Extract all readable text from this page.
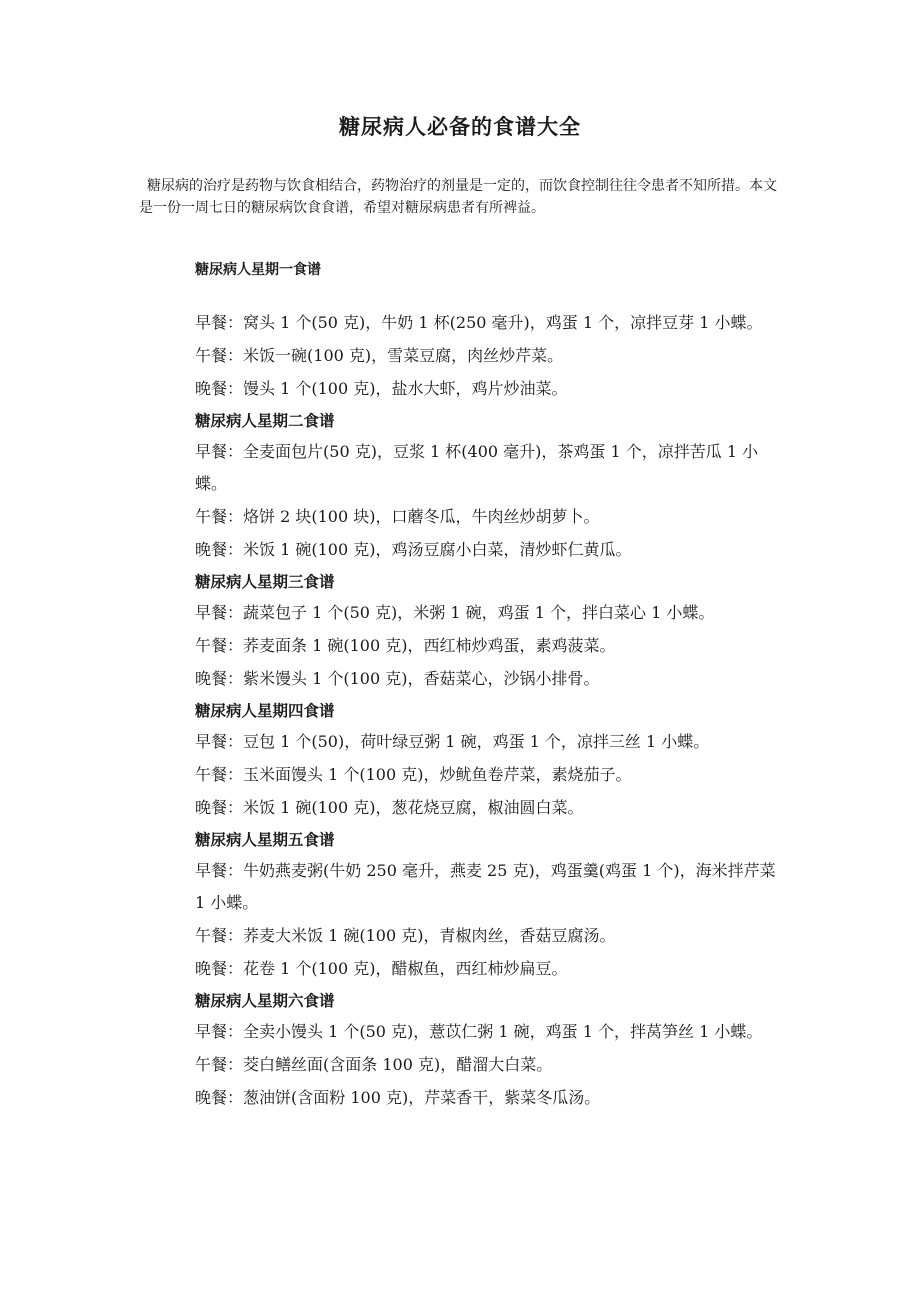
糖尿病人必备的食谱大全

糖尿病的治疗是药物与饮食相结合，药物治疗的剂量是一定的，而饮食控制往往令患者不知所措。本文是一份一周七日的糖尿病饮食食谱，希望对糖尿病患者有所裨益。

糖尿病人星期一食谱

早餐：窝头 1 个(50 克)，牛奶 1 杯(250 毫升)，鸡蛋 1 个，凉拌豆芽 1 小蝶。

午餐：米饭一碗(100 克)，雪菜豆腐，肉丝炒芹菜。

晚餐：馒头 1 个(100 克)，盐水大虾，鸡片炒油菜。

糖尿病人星期二食谱

早餐：全麦面包片(50 克)，豆浆 1 杯(400 毫升)，茶鸡蛋 1 个，凉拌苦瓜 1 小蝶。

午餐：烙饼 2 块(100 块)，口蘑冬瓜，牛肉丝炒胡萝卜。

晚餐：米饭 1 碗(100 克)，鸡汤豆腐小白菜，清炒虾仁黄瓜。

糖尿病人星期三食谱

早餐：蔬菜包子 1 个(50 克)，米粥 1 碗，鸡蛋 1 个，拌白菜心 1 小蝶。

午餐：荞麦面条 1 碗(100 克)，西红柿炒鸡蛋，素鸡菠菜。

晚餐：紫米馒头 1 个(100 克)，香菇菜心，沙锅小排骨。

糖尿病人星期四食谱

早餐：豆包 1 个(50)，荷叶绿豆粥 1 碗，鸡蛋 1 个，凉拌三丝 1 小蝶。

午餐：玉米面馒头 1 个(100 克)，炒鱿鱼卷芹菜，素烧茄子。

晚餐：米饭 1 碗(100 克)，葱花烧豆腐，椒油圆白菜。

糖尿病人星期五食谱

早餐：牛奶燕麦粥(牛奶 250 毫升，燕麦 25 克)，鸡蛋羹(鸡蛋 1 个)，海米拌芹菜 1 小蝶。

午餐：荞麦大米饭 1 碗(100 克)，青椒肉丝，香菇豆腐汤。

晚餐：花卷 1 个(100 克)，醋椒鱼，西红柿炒扁豆。

糖尿病人星期六食谱

早餐：全卖小馒头 1 个(50 克)，薏苡仁粥 1 碗，鸡蛋 1 个，拌莴笋丝 1 小蝶。

午餐：茭白鳝丝面(含面条 100 克)，醋溜大白菜。

晚餐：葱油饼(含面粉 100 克)，芹菜香干，紫菜冬瓜汤。
